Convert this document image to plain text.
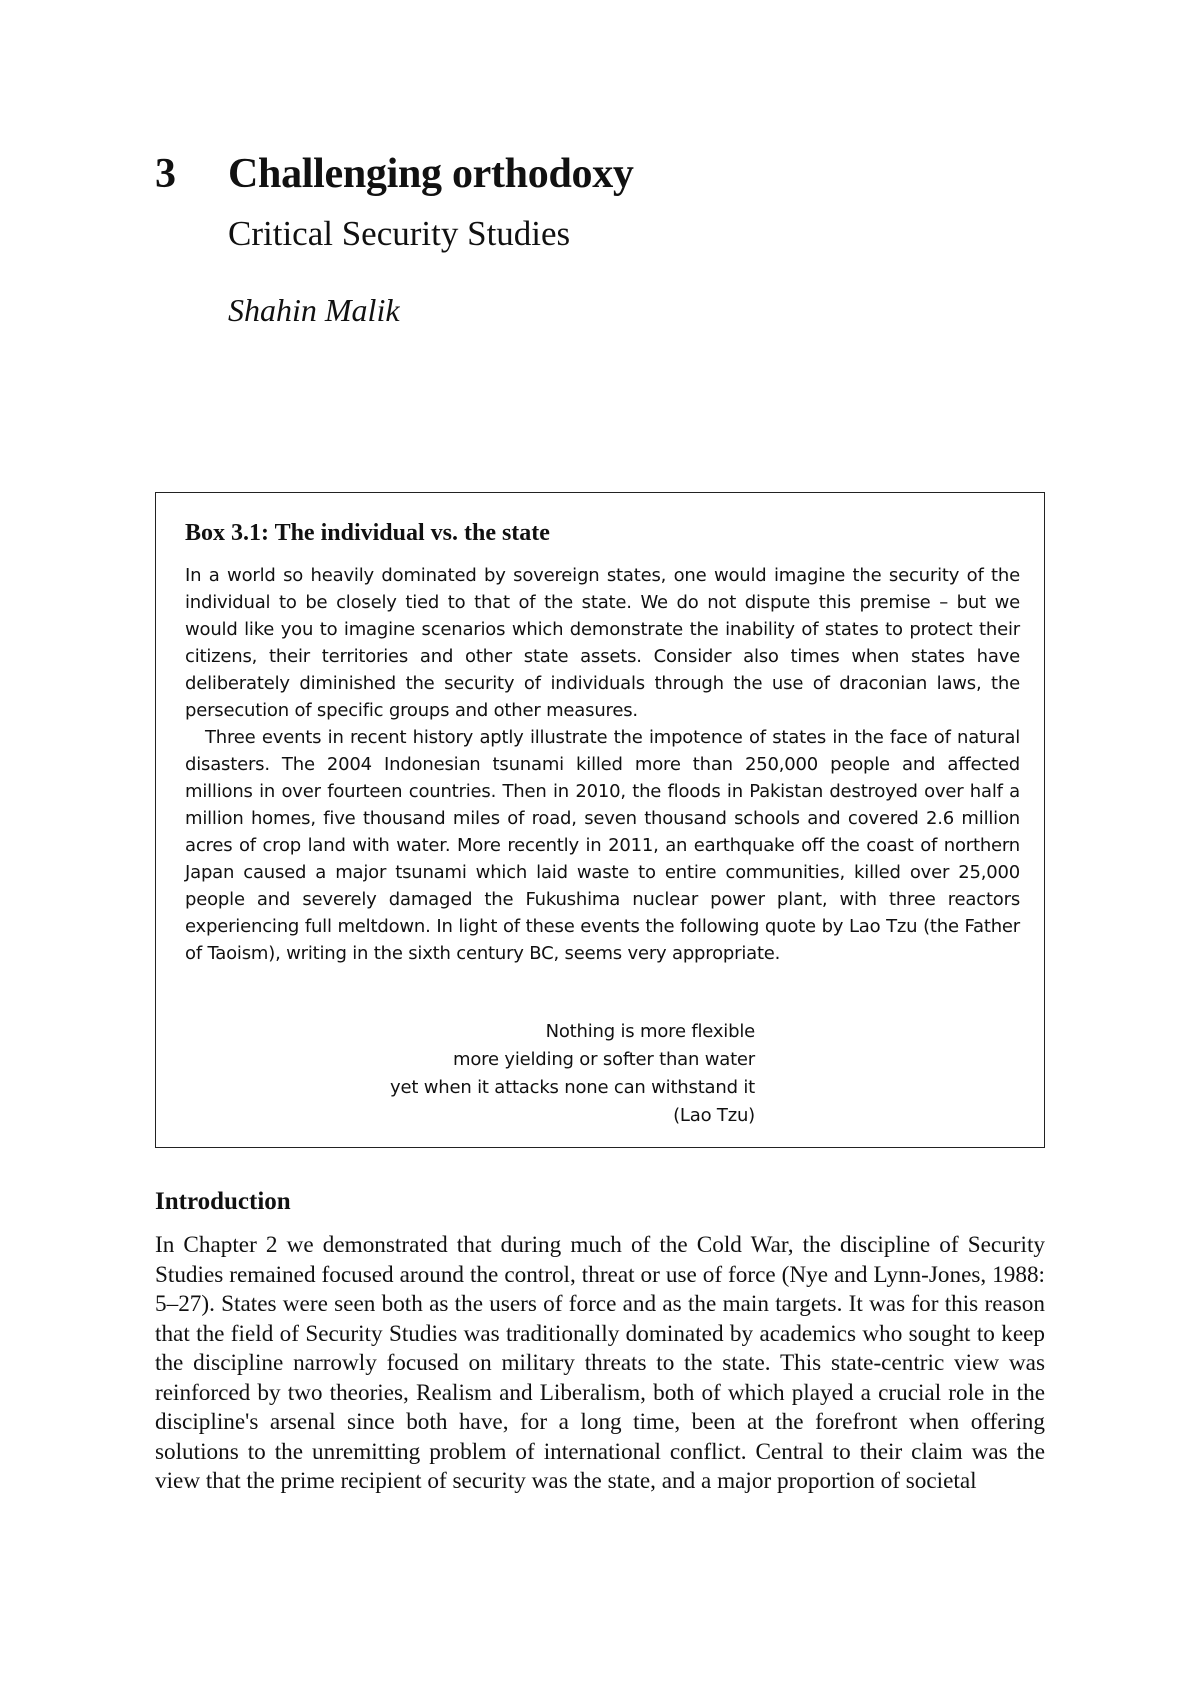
3 Challenging orthodoxy
Critical Security Studies
Shahin Malik
Box 3.1: The individual vs. the state

In a world so heavily dominated by sovereign states, one would imagine the security of the individual to be closely tied to that of the state. We do not dispute this premise – but we would like you to imagine scenarios which demonstrate the inability of states to protect their citizens, their territories and other state assets. Consider also times when states have deliberately diminished the security of individuals through the use of draconian laws, the persecution of specific groups and other measures.

Three events in recent history aptly illustrate the impotence of states in the face of natural disasters. The 2004 Indonesian tsunami killed more than 250,000 people and affected millions in over fourteen countries. Then in 2010, the floods in Pakistan destroyed over half a million homes, five thousand miles of road, seven thousand schools and covered 2.6 million acres of crop land with water. More recently in 2011, an earthquake off the coast of northern Japan caused a major tsunami which laid waste to entire communities, killed over 25,000 people and severely damaged the Fukushima nuclear power plant, with three reactors experiencing full meltdown. In light of these events the following quote by Lao Tzu (the Father of Taoism), writing in the sixth century BC, seems very appropriate.

Nothing is more flexible
more yielding or softer than water
yet when it attacks none can withstand it
(Lao Tzu)
Introduction

In Chapter 2 we demonstrated that during much of the Cold War, the discipline of Security Studies remained focused around the control, threat or use of force (Nye and Lynn-Jones, 1988: 5–27). States were seen both as the users of force and as the main targets. It was for this reason that the field of Security Studies was traditionally dominated by academics who sought to keep the discipline narrowly focused on military threats to the state. This state-centric view was reinforced by two theories, Realism and Liberalism, both of which played a crucial role in the discipline's arsenal since both have, for a long time, been at the forefront when offering solutions to the unremitting problem of international conflict. Central to their claim was the view that the prime recipient of security was the state, and a major proportion of societal
